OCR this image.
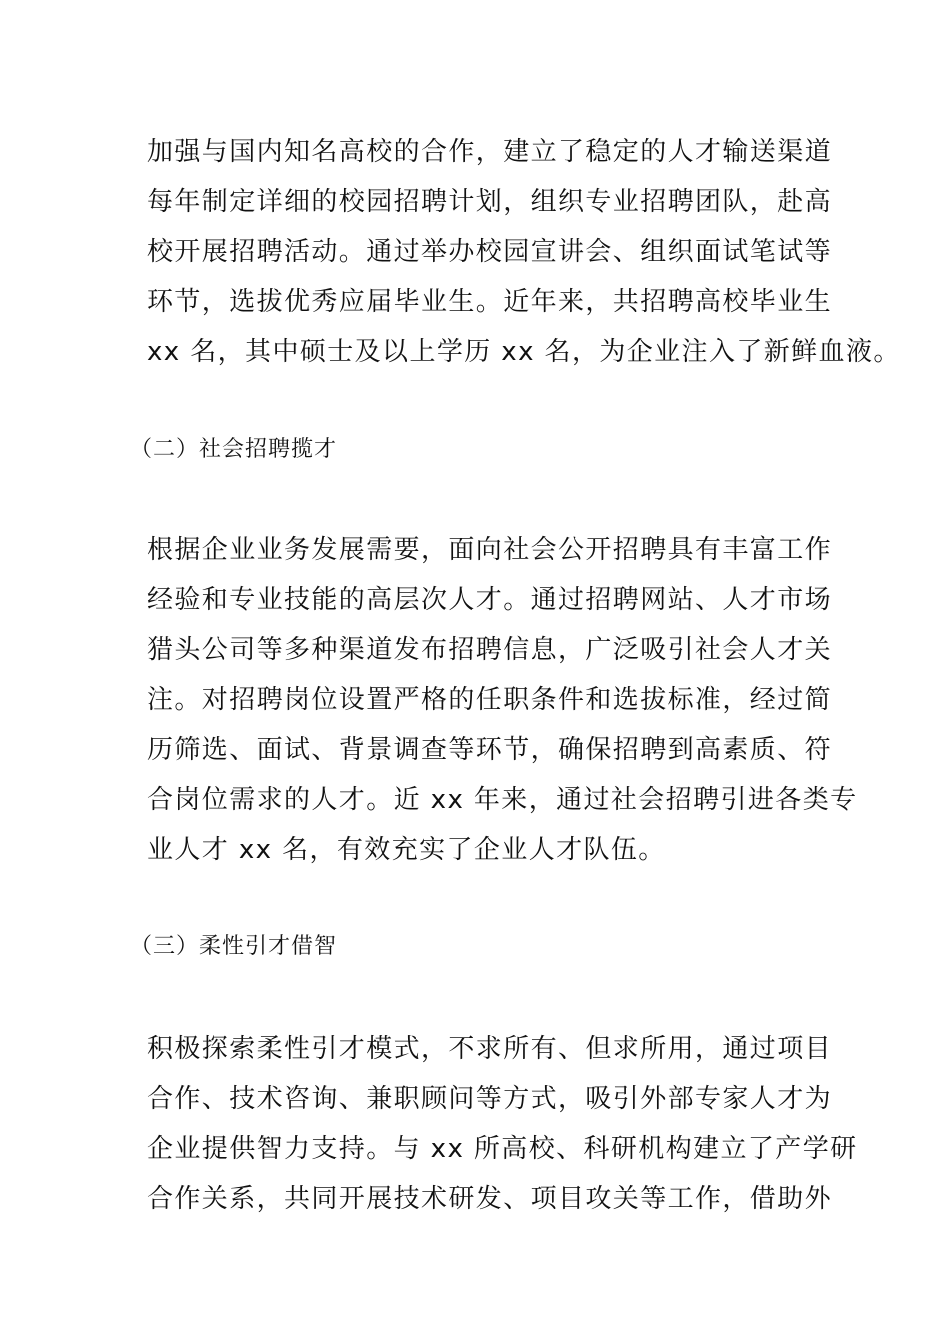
加强与国内知名高校的合作，建立了稳定的人才输送渠道
每年制定详细的校园招聘计划，组织专业招聘团队，赴高
校开展招聘活动。通过举办校园宣讲会、组织面试笔试等
环节，选拔优秀应届毕业生。近年来，共招聘高校毕业生
xx 名，其中硕士及以上学历 xx 名，为企业注入了新鲜血液。
（二）社会招聘揽才
根据企业业务发展需要，面向社会公开招聘具有丰富工作
经验和专业技能的高层次人才。通过招聘网站、人才市场
猎头公司等多种渠道发布招聘信息，广泛吸引社会人才关
注。对招聘岗位设置严格的任职条件和选拔标准，经过简
历筛选、面试、背景调查等环节，确保招聘到高素质、符
合岗位需求的人才。近 xx 年来，通过社会招聘引进各类专
业人才 xx 名，有效充实了企业人才队伍。
（三）柔性引才借智
积极探索柔性引才模式，不求所有、但求所用，通过项目
合作、技术咨询、兼职顾问等方式，吸引外部专家人才为
企业提供智力支持。与 xx 所高校、科研机构建立了产学研
合作关系，共同开展技术研发、项目攻关等工作，借助外
